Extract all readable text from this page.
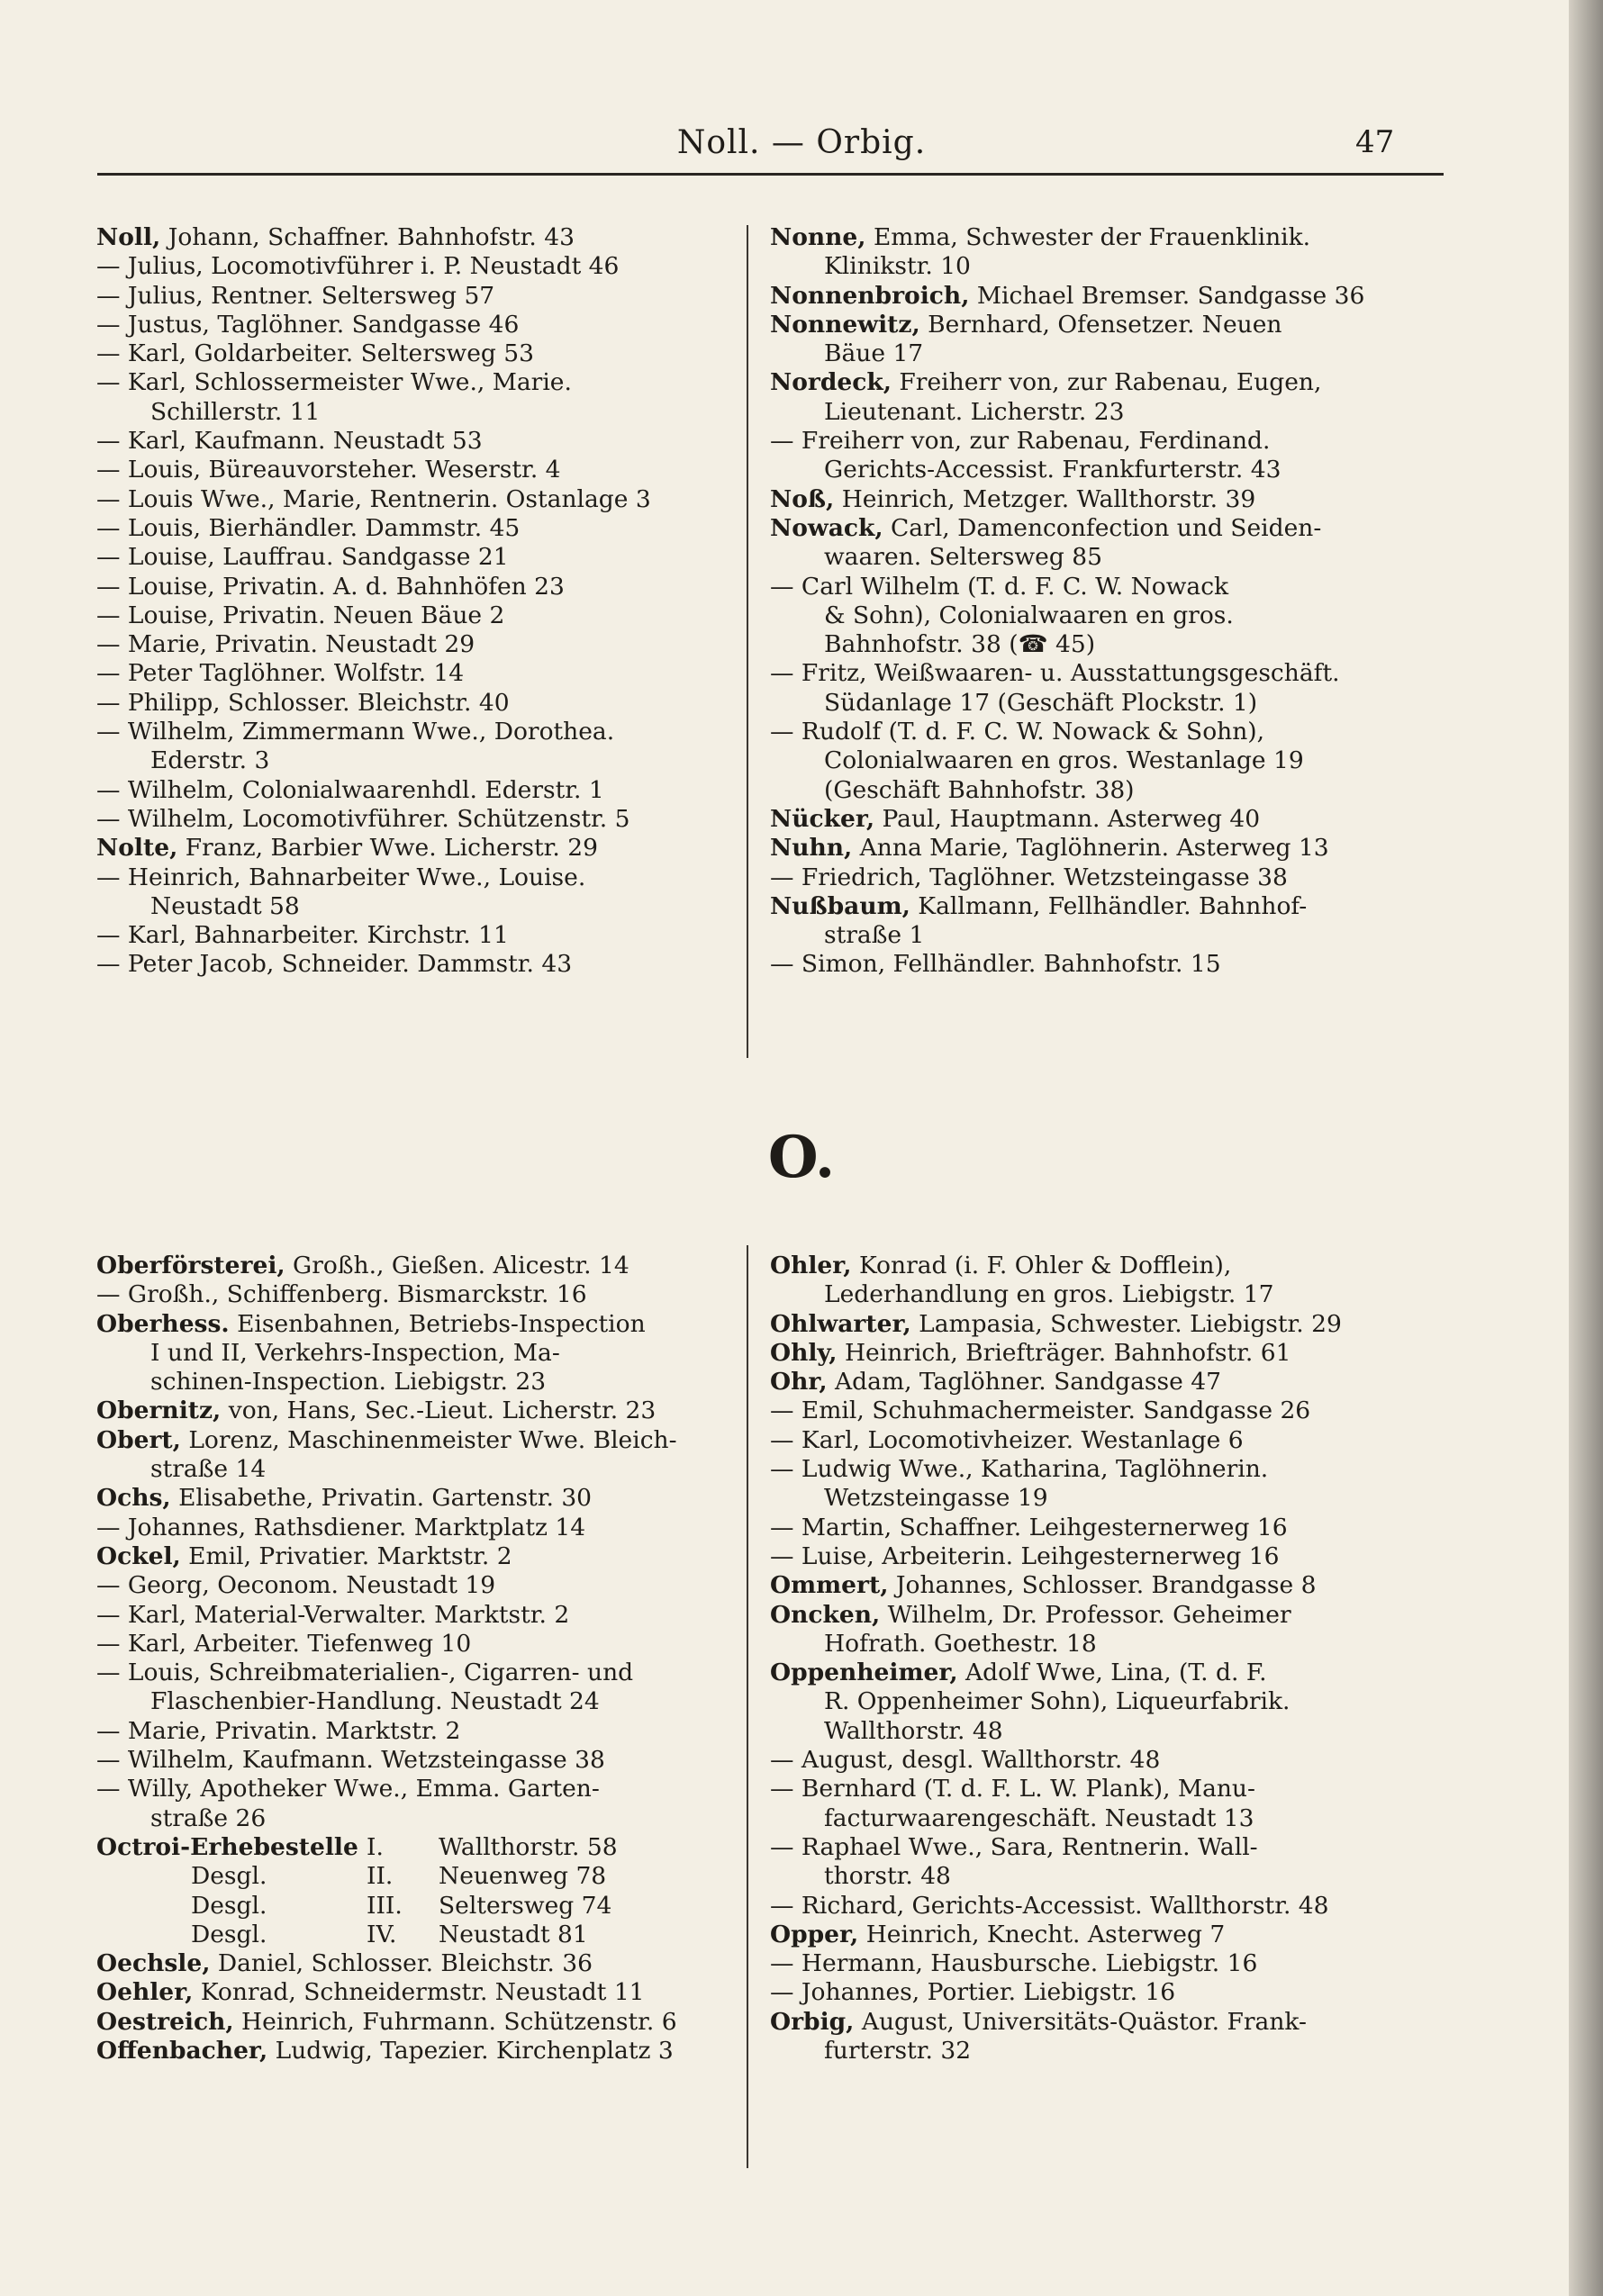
Noll. — Orbig.	47
Noll, Johann, Schaffner. Bahnhofstr. 43
— Julius, Locomotivführer i. P. Neustadt 46
— Julius, Rentner. Seltersweg 57
— Justus, Taglöhner. Sandgasse 46
— Karl, Goldarbeiter. Seltersweg 53
— Karl, Schlossermeister Wwe., Marie.
Schillerstr. 11
— Karl, Kaufmann. Neustadt 53
— Louis, Büreauvorsteher. Weserstr. 4
— Louis Wwe., Marie, Rentnerin. Ostanlage 3
— Louis, Bierhändler. Dammstr. 45
— Louise, Lauffrau. Sandgasse 21
— Louise, Privatin. A. d. Bahnhöfen 23
— Louise, Privatin. Neuen Bäue 2
— Marie, Privatin. Neustadt 29
— Peter Taglöhner. Wolfstr. 14
— Philipp, Schlosser. Bleichstr. 40
— Wilhelm, Zimmermann Wwe., Dorothea.
Ederstr. 3
— Wilhelm, Colonialwaarenhdl. Ederstr. 1
— Wilhelm, Locomotivführer. Schützenstr. 5
Nolte, Franz, Barbier Wwe. Licherstr. 29
— Heinrich, Bahnarbeiter Wwe., Louise.
Neustadt 58
— Karl, Bahnarbeiter. Kirchstr. 11
— Peter Jacob, Schneider. Dammstr. 43
Nonne, Emma, Schwester der Frauenklinik.
Klinikstr. 10
Nonnenbroich, Michael Bremser. Sandgasse 36
Nonnewitz, Bernhard, Ofensetzer. Neuen
Bäue 17
Nordeck, Freiherr von, zur Rabenau, Eugen,
Lieutenant. Licherstr. 23
— Freiherr von, zur Rabenau, Ferdinand.
Gerichts-Accessist. Frankfurterstr. 43
Noß, Heinrich, Metzger. Wallthorstr. 39
Nowack, Carl, Damenconfection und Seiden-
waaren. Seltersweg 85
— Carl Wilhelm (T. d. F. C. W. Nowack
& Sohn), Colonialwaaren en gros.
Bahnhofstr. 38 (☎ 45)
— Fritz, Weißwaaren- u. Ausstattungsgeschäft.
Südanlage 17 (Geschäft Plockstr. 1)
— Rudolf (T. d. F. C. W. Nowack & Sohn),
Colonialwaaren en gros. Westanlage 19
(Geschäft Bahnhofstr. 38)
Nücker, Paul, Hauptmann. Asterweg 40
Nuhn, Anna Marie, Taglöhnerin. Asterweg 13
— Friedrich, Taglöhner. Wetzsteingasse 38
Nußbaum, Kallmann, Fellhändler. Bahnhof-
straße 1
— Simon, Fellhändler. Bahnhofstr. 15
O.
Oberförsterei, Großh., Gießen. Alicestr. 14
— Großh., Schiffenberg. Bismarckstr. 16
Oberhess. Eisenbahnen, Betriebs-Inspection
I und II, Verkehrs-Inspection, Ma-
schinen-Inspection. Liebigstr. 23
Obernitz, von, Hans, Sec.-Lieut. Licherstr. 23
Obert, Lorenz, Maschinenmeister Wwe. Bleich-
straße 14
Ochs, Elisabethe, Privatin. Gartenstr. 30
— Johannes, Rathsdiener. Marktplatz 14
Ockel, Emil, Privatier. Marktstr. 2
— Georg, Oeconom. Neustadt 19
— Karl, Material-Verwalter. Marktstr. 2
— Karl, Arbeiter. Tiefenweg 10
— Louis, Schreibmaterialien-, Cigarren- und
Flaschenbier-Handlung. Neustadt 24
— Marie, Privatin. Marktstr. 2
— Wilhelm, Kaufmann. Wetzsteingasse 38
— Willy, Apotheker Wwe., Emma. Garten-
straße 26
Octroi-Erhebestelle I.	Wallthorstr. 58
Desgl.	II.	Neuenweg 78
Desgl.	III.	Seltersweg 74
Desgl.	IV.	Neustadt 81
Oechsle, Daniel, Schlosser. Bleichstr. 36
Oehler, Konrad, Schneidermstr. Neustadt 11
Oestreich, Heinrich, Fuhrmann. Schützenstr. 6
Offenbacher, Ludwig, Tapezier. Kirchenplatz 3
Ohler, Konrad (i. F. Ohler & Dofflein),
Lederhandlung en gros. Liebigstr. 17
Ohlwarter, Lampasia, Schwester. Liebigstr. 29
Ohly, Heinrich, Briefträger. Bahnhofstr. 61
Ohr, Adam, Taglöhner. Sandgasse 47
— Emil, Schuhmachermeister. Sandgasse 26
— Karl, Locomotivheizer. Westanlage 6
— Ludwig Wwe., Katharina, Taglöhnerin.
Wetzsteingasse 19
— Martin, Schaffner. Leihgesternerweg 16
— Luise, Arbeiterin. Leihgesternerweg 16
Ommert, Johannes, Schlosser. Brandgasse 8
Oncken, Wilhelm, Dr. Professor. Geheimer
Hofrath. Goethestr. 18
Oppenheimer, Adolf Wwe, Lina, (T. d. F.
R. Oppenheimer Sohn), Liqueurfabrik.
Wallthorstr. 48
— August, desgl. Wallthorstr. 48
— Bernhard (T. d. F. L. W. Plank), Manu-
facturwaarengeschäft. Neustadt 13
— Raphael Wwe., Sara, Rentnerin. Wall-
thorstr. 48
— Richard, Gerichts-Accessist. Wallthorstr. 48
Opper, Heinrich, Knecht. Asterweg 7
— Hermann, Hausbursche. Liebigstr. 16
— Johannes, Portier. Liebigstr. 16
Orbig, August, Universitäts-Quästor. Frank-
furterstr. 32
